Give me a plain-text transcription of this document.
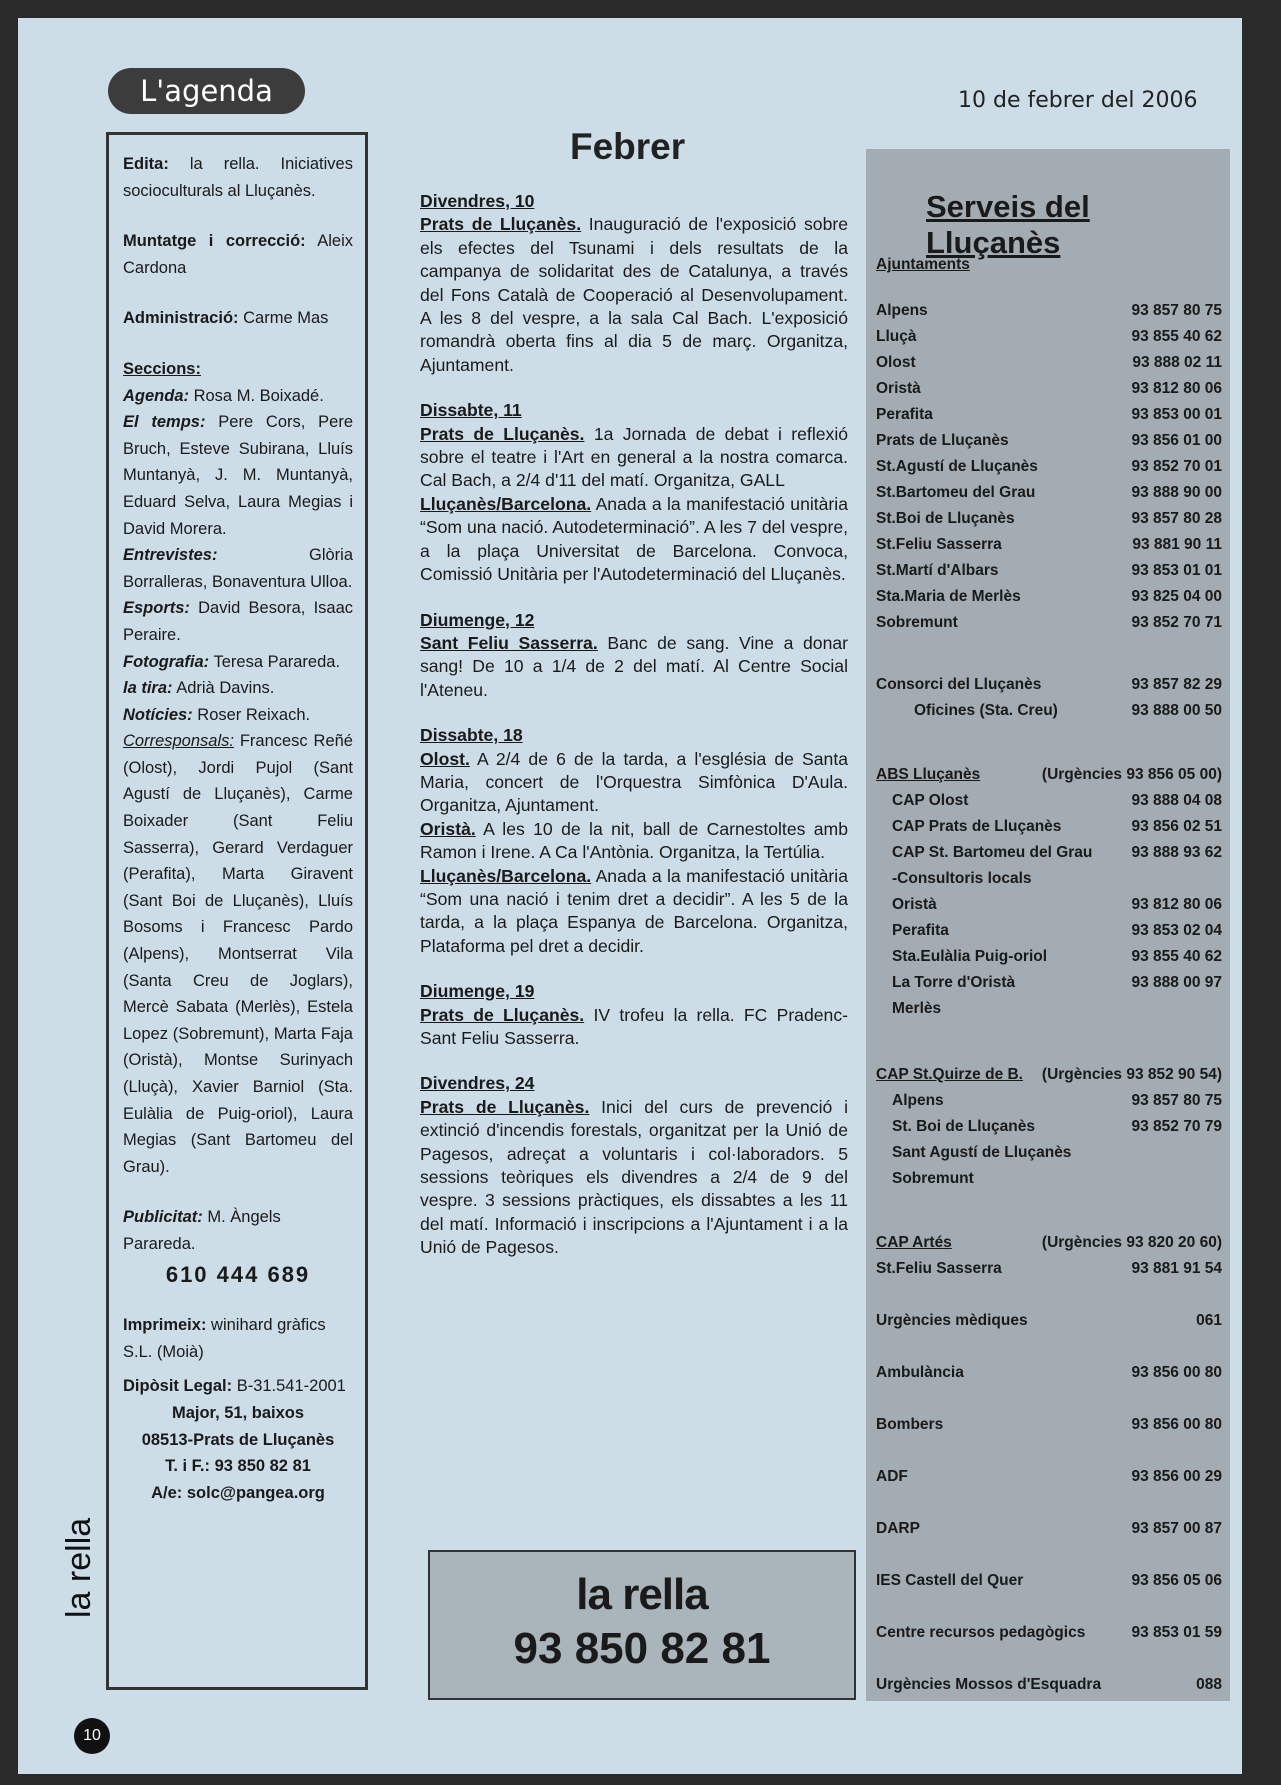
L'agenda	10 de febrer del 2006

Edita: la rella. Iniciatives socioculturals al Lluçanès.

Muntatge i correcció: Aleix Cardona

Administració: Carme Mas

Seccions:

Agenda: Rosa M. Boixadé.

El temps: Pere Cors, Pere Bruch, Esteve Subirana, Lluís Muntanyà, J. M. Muntanyà, Eduard Selva, Laura Megias i David Morera.

Entrevistes:	Glòria Borralleras, Bonaventura Ulloa.

Esports: David Besora, Isaac Peraire.

Fotografia: Teresa Parareda.

la tira: Adrià Davins.

Notícies: Roser Reixach.

Corresponsals: Francesc Reñé (Olost), Jordi Pujol (Sant Agustí de Lluçanès), Carme Boixader (Sant Feliu Sasserra), Gerard Verdaguer (Perafita), Marta Giravent (Sant Boi de Lluçanès), Lluís Bosoms i Francesc Pardo (Alpens), Montserrat Vila (Santa Creu de Joglars), Mercè Sabata (Merlès), Estela Lopez (Sobremunt), Marta Faja (Oristà), Montse Surinyach (Lluçà), Xavier Barniol (Sta. Eulàlia de Puig-oriol), Laura Megias (Sant Bartomeu del Grau).

Publicitat: M. Àngels Parareda.

610 444 689

Imprimeix: winihard gràfics S.L. (Moià)

Dipòsit Legal: B-31.541-2001

Major, 51, baixos

08513-Prats de Lluçanès

T. i F.: 93 850 82 81

A/e: solc@pangea.org

la rella
10
Febrer
Divendres, 10

Prats de Lluçanès. Inauguració de l'exposició sobre els efectes del Tsunami i dels resultats de la campanya de solidaritat des de Catalunya, a través del Fons Català de Cooperació al Desenvolupament. A les 8 del vespre, a la sala Cal Bach. L'exposició romandrà oberta fins al dia 5 de març. Organitza, Ajuntament.

Dissabte, 11

Prats de Lluçanès. 1a Jornada de debat i reflexió sobre el teatre i l'Art en general a la nostra comarca. Cal Bach, a 2/4 d'11 del matí. Organitza, GALL

Lluçanès/Barcelona. Anada a la manifestació unitària “Som una nació. Autodeterminació”. A les 7 del vespre, a la plaça Universitat de Barcelona. Convoca, Comissió Unitària per l'Autodeterminació del Lluçanès.

Diumenge, 12

Sant Feliu Sasserra. Banc de sang. Vine a donar sang! De 10 a 1/4 de 2 del matí. Al Centre Social l'Ateneu.

Dissabte, 18

Olost. A 2/4 de 6 de la tarda, a l'església de Santa Maria, concert de l'Orquestra Simfònica D'Aula. Organitza, Ajuntament.

Oristà. A les 10 de la nit, ball de Carnestoltes amb Ramon i Irene. A Ca l'Antònia. Organitza, la Tertúlia.

Lluçanès/Barcelona. Anada a la manifestació unitària “Som una nació i tenim dret a decidir”. A les 5 de la tarda, a la plaça Espanya de Barcelona. Organitza, Plataforma pel dret a decidir.

Diumenge, 19

Prats de Lluçanès. IV trofeu la rella. FC Pradenc-Sant Feliu Sasserra.

Divendres, 24

Prats de Lluçanès. Inici del curs de prevenció i extinció d'incendis forestals, organitzat per la Unió de Pagesos, adreçat a voluntaris i col·laboradors. 5 sessions teòriques els divendres a 2/4 de 9 del vespre. 3 sessions pràctiques, els dissabtes a les 11 del matí. Informació i inscripcions a l'Ajuntament i a la Unió de Pagesos.

la rella
93 850 82 81
Serveis del Lluçanès
Ajuntaments
Alpens	93 857 80 75
Lluçà	93 855 40 62
Olost	93 888 02 11
Oristà	93 812 80 06
Perafita	93 853 00 01
Prats de Lluçanès	93 856 01 00
St.Agustí de Lluçanès	93 852 70 01
St.Bartomeu del Grau	93 888 90 00
St.Boi de Lluçanès	93 857 80 28
St.Feliu Sasserra	93 881 90 11
St.Martí d'Albars	93 853 01 01
Sta.Maria de Merlès	93 825 04 00
Sobremunt	93 852 70 71
Consorci del Lluçanès	93 857 82 29
Oficines (Sta. Creu)	93 888 00 50
ABS Lluçanès	(Urgències 93 856 05 00)
CAP Olost	93 888 04 08
CAP Prats de Lluçanès	93 856 02 51
CAP St. Bartomeu del Grau	93 888 93 62
-Consultoris locals
Oristà	93 812 80 06
Perafita	93 853 02 04
Sta.Eulàlia Puig-oriol	93 855 40 62
La Torre d'Oristà	93 888 00 97
Merlès
CAP St.Quirze de B. (Urgències 93 852 90 54)
Alpens	93 857 80 75
St. Boi de Lluçanès	93 852 70 79
Sant Agustí de Lluçanès
Sobremunt
CAP Artés	(Urgències 93 820 20 60)
St.Feliu Sasserra	93 881 91 54
Urgències mèdiques	061
Ambulància	93 856 00 80
Bombers	93 856 00 80
ADF	93 856 00 29
DARP	93 857 00 87
IES Castell del Quer	93 856 05 06
Centre recursos pedagògics	93 853 01 59
Urgències Mossos d'Esquadra	088
